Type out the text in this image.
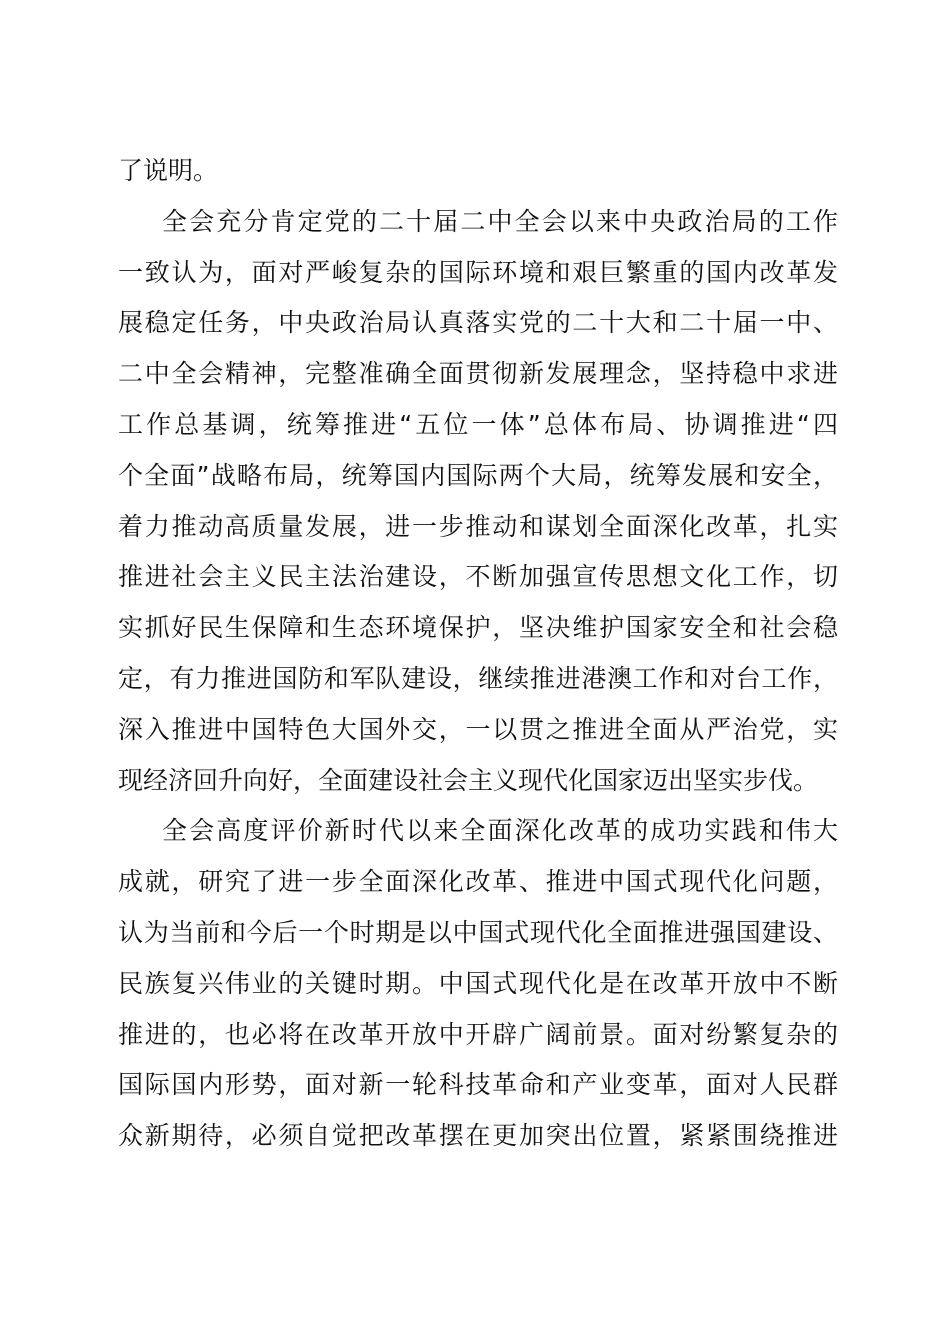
了说明。
全会充分肯定党的二十届二中全会以来中央政治局的工作
一致认为，面对严峻复杂的国际环境和艰巨繁重的国内改革发
展稳定任务，中央政治局认真落实党的二十大和二十届一中、
二中全会精神，完整准确全面贯彻新发展理念，坚持稳中求进
工作总基调，统筹推进“五位一体”总体布局、协调推进“四
个全面”战略布局，统筹国内国际两个大局，统筹发展和安全，
着力推动高质量发展，进一步推动和谋划全面深化改革，扎实
推进社会主义民主法治建设，不断加强宣传思想文化工作，切
实抓好民生保障和生态环境保护，坚决维护国家安全和社会稳
定，有力推进国防和军队建设，继续推进港澳工作和对台工作，
深入推进中国特色大国外交，一以贯之推进全面从严治党，实
现经济回升向好，全面建设社会主义现代化国家迈出坚实步伐。
全会高度评价新时代以来全面深化改革的成功实践和伟大
成就，研究了进一步全面深化改革、推进中国式现代化问题，
认为当前和今后一个时期是以中国式现代化全面推进强国建设、
民族复兴伟业的关键时期。中国式现代化是在改革开放中不断
推进的，也必将在改革开放中开辟广阔前景。面对纷繁复杂的
国际国内形势，面对新一轮科技革命和产业变革，面对人民群
众新期待，必须自觉把改革摆在更加突出位置，紧紧围绕推进
